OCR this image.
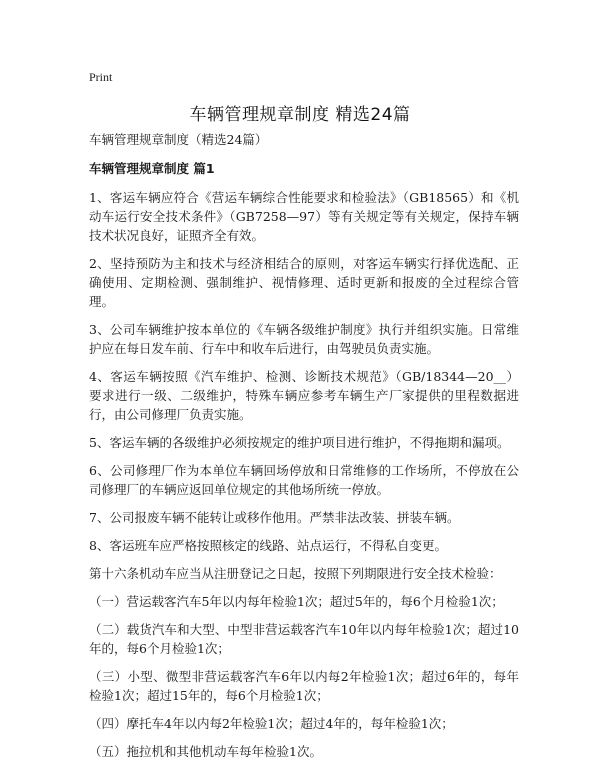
Print
车辆管理规章制度 精选24篇

车辆管理规章制度（精选24篇）

车辆管理规章制度 篇1

1、客运车辆应符合《营运车辆综合性能要求和检验法》（GB18565）和《机动车运行安全技术条件》（GB7258—97）等有关规定等有关规定，保持车辆技术状况良好，证照齐全有效。

2、坚持预防为主和技术与经济相结合的原则，对客运车辆实行择优选配、正确使用、定期检测、强制维护、视情修理、适时更新和报废的全过程综合管理。

3、公司车辆维护按本单位的《车辆各级维护制度》执行并组织实施。日常维护应在每日发车前、行车中和收车后进行，由驾驶员负责实施。

4、客运车辆按照《汽车维护、检测、诊断技术规范》（GB/18344—20__）要求进行一级、二级维护，特殊车辆应参考车辆生产厂家提供的里程数据进行，由公司修理厂负责实施。

5、客运车辆的各级维护必须按规定的维护项目进行维护，不得拖期和漏项。

6、公司修理厂作为本单位车辆回场停放和日常维修的工作场所，不停放在公司修理厂的车辆应返回单位规定的其他场所统一停放。

7、公司报废车辆不能转让或移作他用。严禁非法改装、拼装车辆。

8、客运班车应严格按照核定的线路、站点运行，不得私自变更。

第十六条机动车应当从注册登记之日起，按照下列期限进行安全技术检验：

（一）营运载客汽车5年以内每年检验1次；超过5年的，每6个月检验1次；

（二）载货汽车和大型、中型非营运载客汽车10年以内每年检验1次；超过10年的，每6个月检验1次；

（三）小型、微型非营运载客汽车6年以内每2年检验1次；超过6年的，每年检验1次；超过15年的，每6个月检验1次；

（四）摩托车4年以内每2年检验1次；超过4年的，每年检验1次；

（五）拖拉机和其他机动车每年检验1次。
